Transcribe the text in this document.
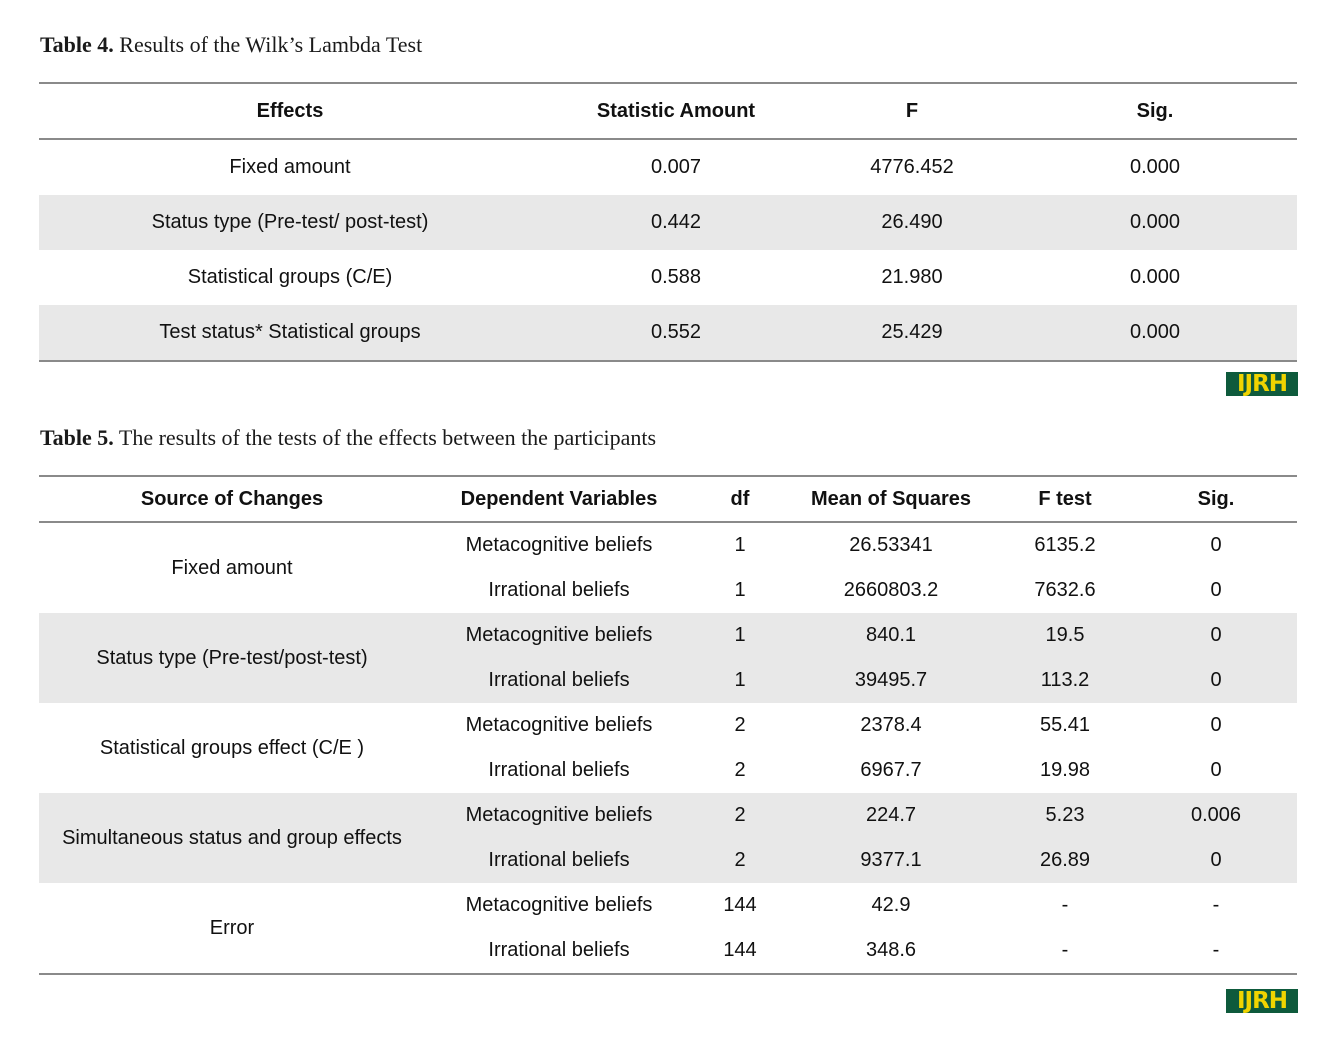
Table 4. Results of the Wilk’s Lambda Test
Effects	Statistic Amount	F	Sig.
Fixed amount	0.007	4776.452	0.000
Status type (Pre-test/ post-test)	0.442	26.490	0.000
Statistical groups (C/E)	0.588	21.980	0.000
Test status* Statistical groups	0.552	25.429	0.000
IJRH
Table 5. The results of the tests of the effects between the participants
Source of Changes	Dependent Variables	df	Mean of Squares	F test	Sig.
Fixed amount	Metacognitive beliefs	1	26.53341	6135.2	0
	Irrational beliefs	1	2660803.2	7632.6	0
Status type (Pre-test/post-test)	Metacognitive beliefs	1	840.1	19.5	0
	Irrational beliefs	1	39495.7	113.2	0
Statistical groups effect (C/E )	Metacognitive beliefs	2	2378.4	55.41	0
	Irrational beliefs	2	6967.7	19.98	0
Simultaneous status and group effects	Metacognitive beliefs	2	224.7	5.23	0.006
	Irrational beliefs	2	9377.1	26.89	0
Error	Metacognitive beliefs	144	42.9	-	-
	Irrational beliefs	144	348.6	-	-
IJRH
